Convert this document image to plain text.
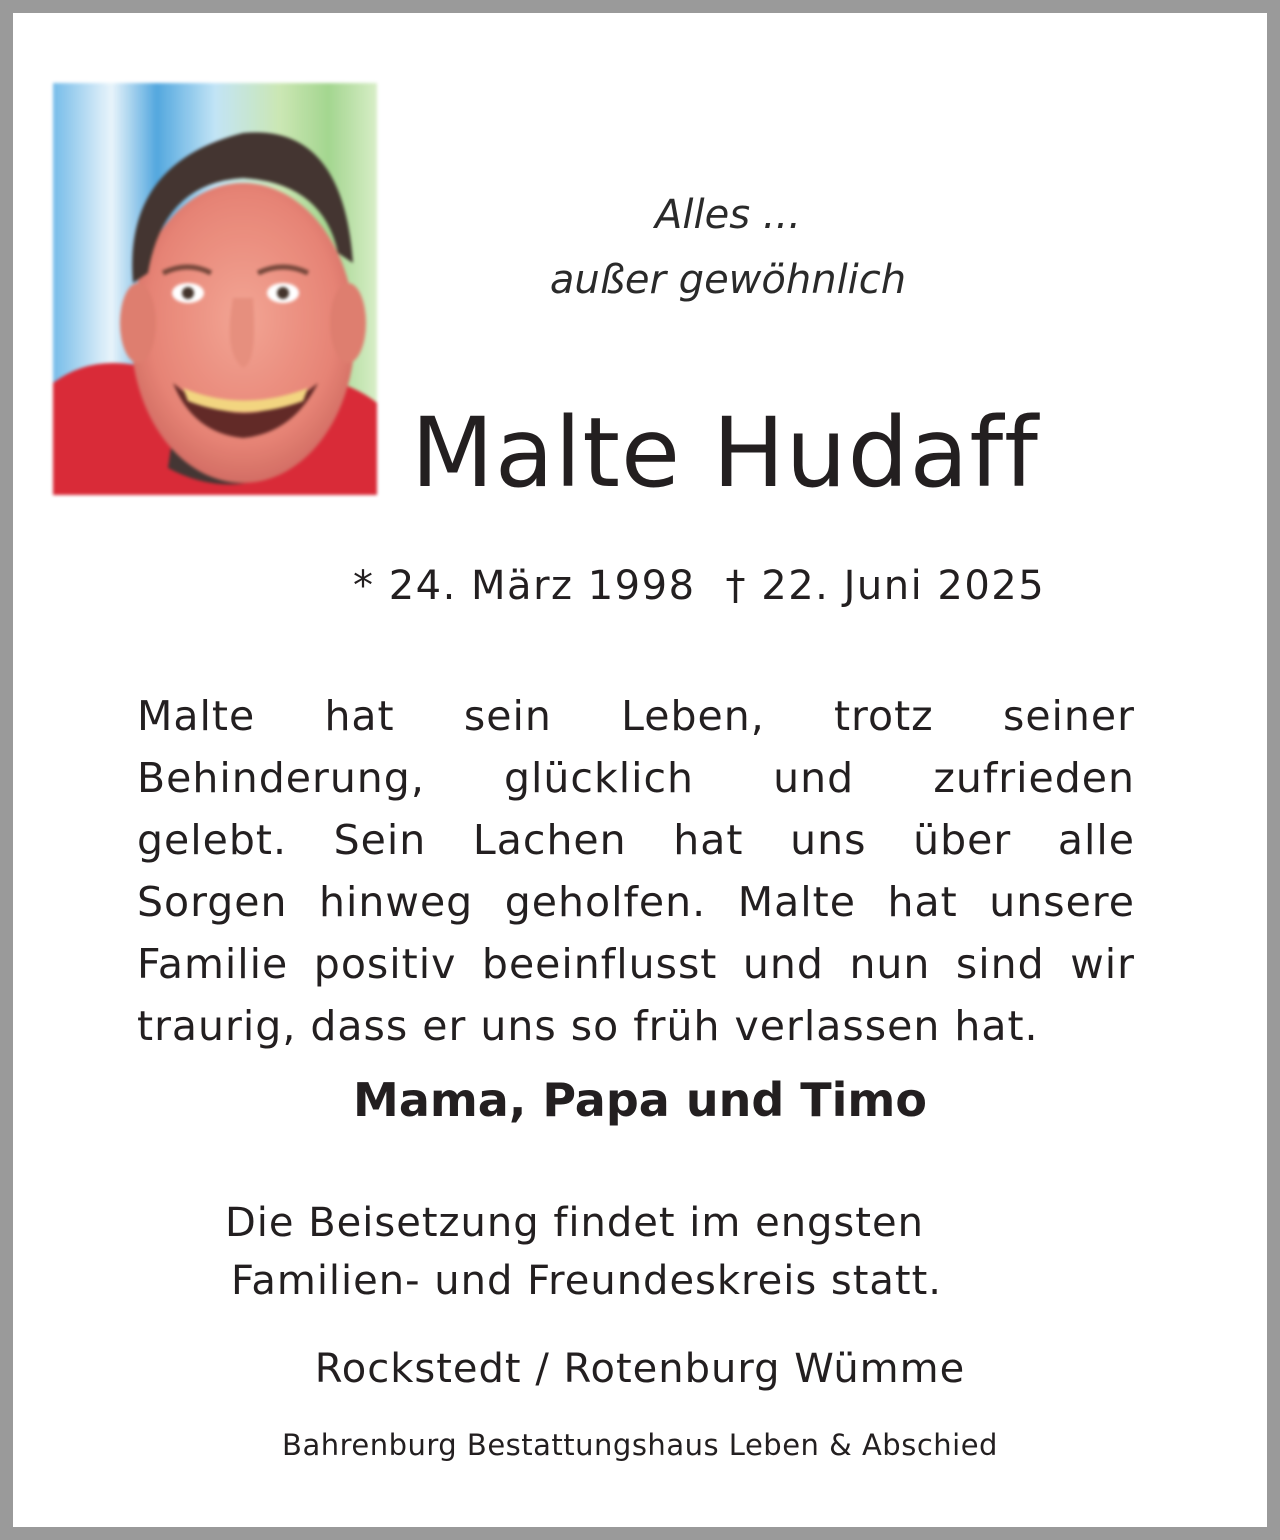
Alles ...
außer gewöhnlich
Malte Hudaff
* 24. März 1998 † 22. Juni 2025
Malte hat sein Leben, trotz seiner
Behinderung, glücklich und zufrieden
gelebt. Sein Lachen hat uns über alle
Sorgen hinweg geholfen. Malte hat unsere
Familie positiv beeinflusst und nun sind wir
traurig, dass er uns so früh verlassen hat.
Mama, Papa und Timo
Die Beisetzung findet im engsten
Familien- und Freundeskreis statt.
Rockstedt / Rotenburg Wümme
Bahrenburg Bestattungshaus Leben & Abschied
